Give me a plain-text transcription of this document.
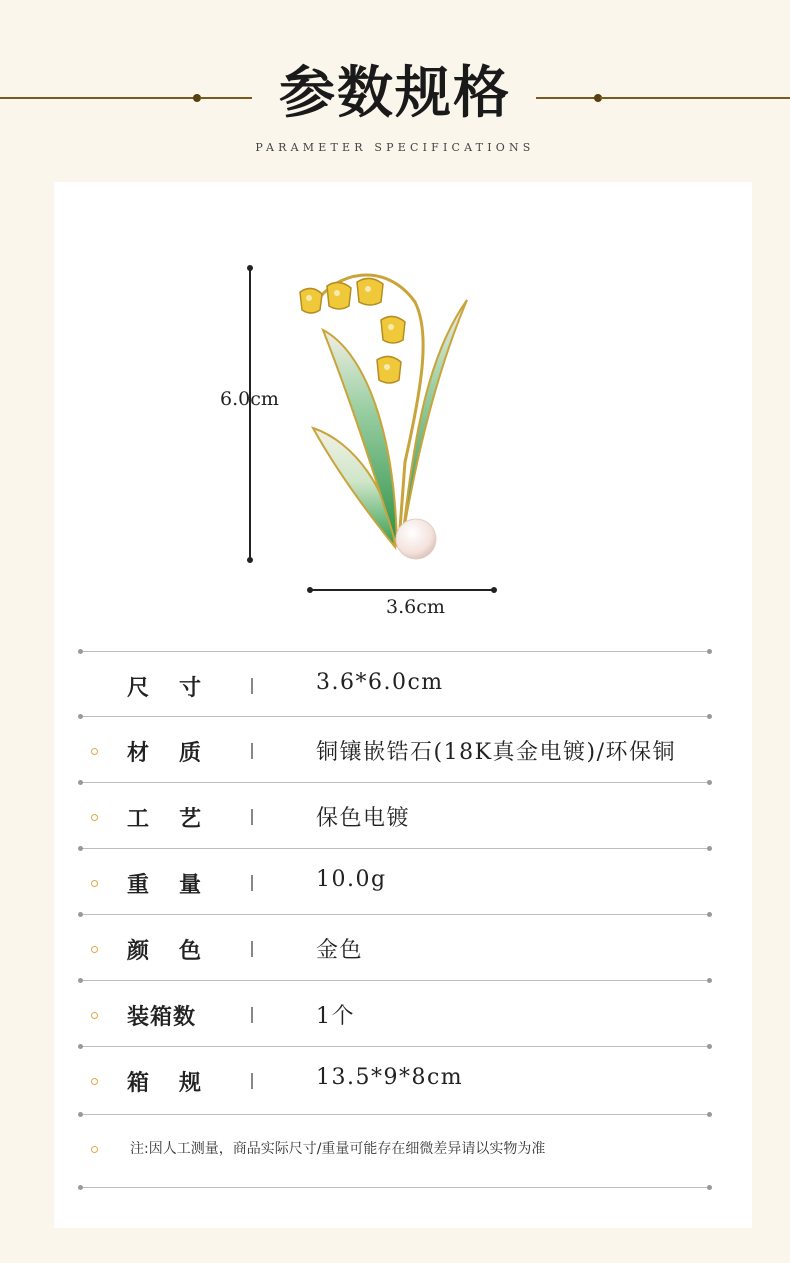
参数规格
PARAMETER SPECIFICATIONS
6.0cm
3.6cm
尺寸	3.6*6.0cm
材质	铜镶嵌锆石(18K真金电镀)/环保铜
工艺	保色电镀
重量	10.0g
颜色	金色
装箱数	1个
箱规	13.5*9*8cm
注:因人工测量，商品实际尺寸/重量可能存在细微差异请以实物为准
